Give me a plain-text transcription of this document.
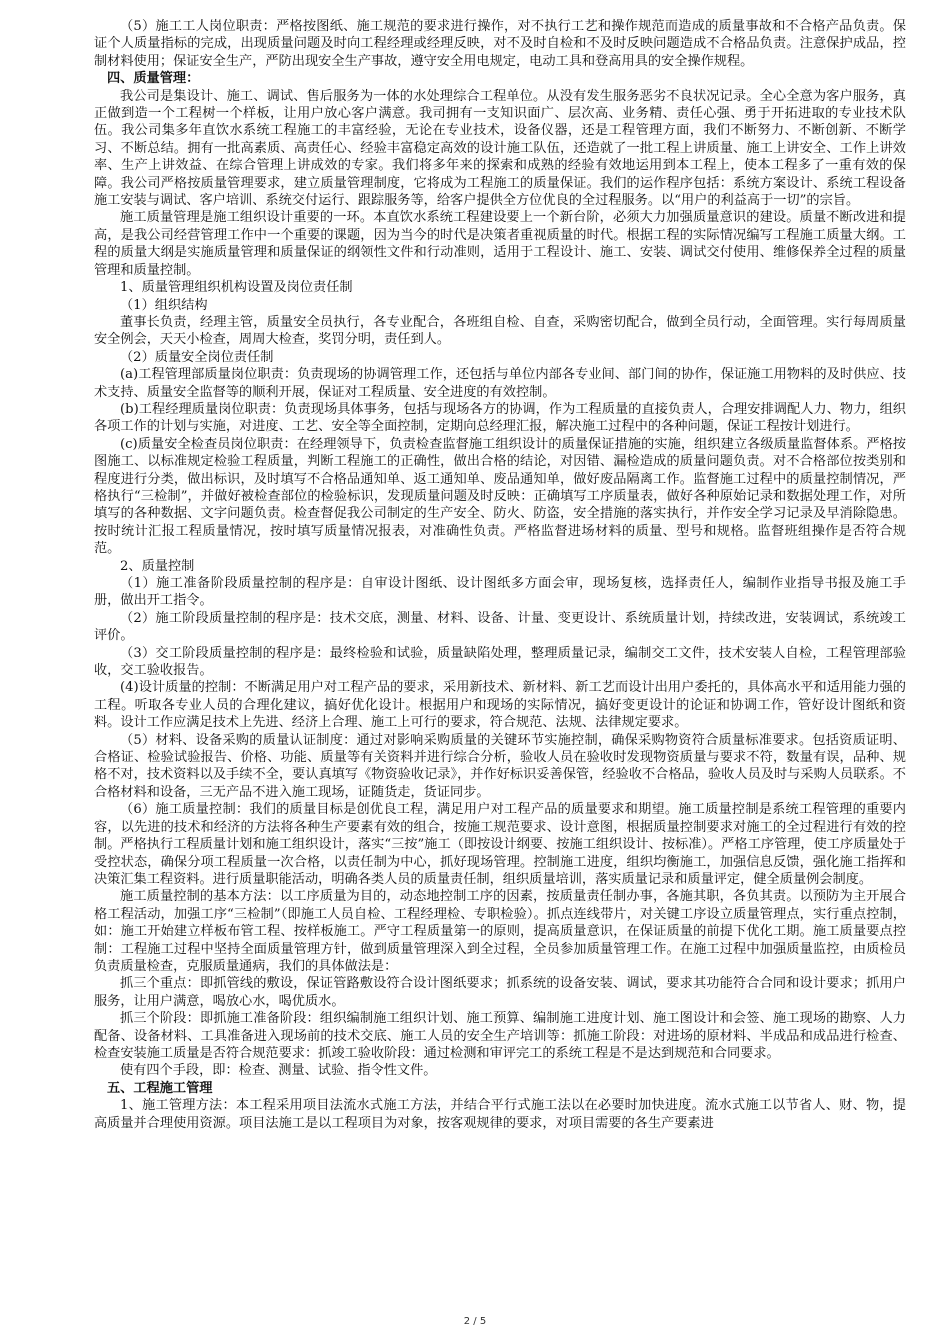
（5）施工工人岗位职责：严格按图纸、施工规范的要求进行操作，对不执行工艺和操作规范而造成的质量事故和不合格产品负责。保证个人质量指标的完成，出现质量问题及时向工程经理或经理反映，对不及时自检和不及时反映问题造成不合格品负责。注意保护成品，控制材料使用；保证安全生产，严防出现安全生产事故，遵守安全用电规定，电动工具和登高用具的安全操作规程。

四、质量管理：

我公司是集设计、施工、调试、售后服务为一体的水处理综合工程单位。从没有发生服务恶劣不良状况记录。全心全意为客户服务，真正做到造一个工程树一个样板，让用户放心客户满意。我司拥有一支知识面广、层次高、业务精、责任心强、勇于开拓进取的专业技术队伍。我公司集多年直饮水系统工程施工的丰富经验，无论在专业技术，设备仪器，还是工程管理方面，我们不断努力、不断创新、不断学习、不断总结。拥有一批高素质、高责任心、经验丰富稳定高效的设计施工队伍，还造就了一批工程上讲质量、施工上讲安全、工作上讲效率、生产上讲效益、在综合管理上讲成效的专家。我们将多年来的探索和成熟的经验有效地运用到本工程上，使本工程多了一重有效的保障。我公司严格按质量管理要求，建立质量管理制度，它将成为工程施工的质量保证。我们的运作程序包括：系统方案设计、系统工程设备施工安装与调试、客户培训、系统交付运行、跟踪服务等，给客户提供全方位优良的全过程服务。以“用户的利益高于一切”的宗旨。

施工质量管理是施工组织设计重要的一环。本直饮水系统工程建设要上一个新台阶，必须大力加强质量意识的建设。质量不断改进和提高，是我公司经营管理工作中一个重要的课题，因为当今的时代是决策者重视质量的时代。根据工程的实际情况编写工程施工质量大纲。工程的质量大纲是实施质量管理和质量保证的纲领性文件和行动准则，适用于工程设计、施工、安装、调试交付使用、维修保养全过程的质量管理和质量控制。

1、质量管理组织机构设置及岗位责任制

（1）组织结构

董事长负责，经理主管，质量安全员执行，各专业配合，各班组自检、自查，采购密切配合，做到全员行动，全面管理。实行每周质量安全例会，天天小检查，周周大检查，奖罚分明，责任到人。

（2）质量安全岗位责任制

(a)工程管理部质量岗位职责：负责现场的协调管理工作，还包括与单位内部各专业间、部门间的协作，保证施工用物料的及时供应、技术支持、质量安全监督等的顺利开展，保证对工程质量、安全进度的有效控制。

(b)工程经理质量岗位职责：负责现场具体事务，包括与现场各方的协调，作为工程质量的直接负责人，合理安排调配人力、物力，组织各项工作的计划与实施，对进度、工艺、安全等全面控制，定期向总经理汇报，解决施工过程中的各种问题，保证工程按计划进行。

(c)质量安全检查员岗位职责：在经理领导下，负责检查监督施工组织设计的质量保证措施的实施，组织建立各级质量监督体系。严格按图施工、以标准规定检验工程质量，判断工程施工的正确性，做出合格的结论，对因错、漏检造成的质量问题负责。对不合格部位按类别和程度进行分类，做出标识，及时填写不合格品通知单、返工通知单、废品通知单，做好废品隔离工作。监督施工过程中的质量控制情况，严格执行“三检制”，并做好被检查部位的检验标识，发现质量问题及时反映：正确填写工序质量表，做好各种原始记录和数据处理工作，对所填写的各种数据、文字问题负责。检查督促我公司制定的生产安全、防火、防盗，安全措施的落实执行，并作安全学习记录及早消除隐患。按时统计汇报工程质量情况，按时填写质量情况报表，对准确性负责。严格监督进场材料的质量、型号和规格。监督班组操作是否符合规范。

2、质量控制

（1）施工准备阶段质量控制的程序是：自审设计图纸、设计图纸多方面会审，现场复核，选择责任人，编制作业指导书报及施工手册，做出开工指令。

（2）施工阶段质量控制的程序是：技术交底，测量、材料、设备、计量、变更设计、系统质量计划，持续改进，安装调试，系统竣工评价。

（3）交工阶段质量控制的程序是：最终检验和试验，质量缺陷处理，整理质量记录，编制交工文件，技术安装人自检，工程管理部验收，交工验收报告。

(4)设计质量的控制：不断满足用户对工程产品的要求，采用新技术、新材料、新工艺而设计出用户委托的，具体高水平和适用能力强的工程。听取各专业人员的合理化建议，搞好优化设计。根据用户和现场的实际情况，搞好变更设计的论证和协调工作，管好设计图纸和资料。设计工作应满足技术上先进、经济上合理、施工上可行的要求，符合规范、法规、法律规定要求。

（5）材料、设备采购的质量认证制度：通过对影响采购质量的关键环节实施控制，确保采购物资符合质量标准要求。包括资质证明、合格证、检验试验报告、价格、功能、质量等有关资料并进行综合分析，验收人员在验收时发现物资质量与要求不符，数量有误，品种、规格不对，技术资料以及手续不全，要认真填写《物资验收记录》，并作好标识妥善保管，经验收不合格品，验收人员及时与采购人员联系。不合格材料和设备，三无产品不进入施工现场，证随货走，货证同步。

（6）施工质量控制：我们的质量目标是创优良工程，满足用户对工程产品的质量要求和期望。施工质量控制是系统工程管理的重要内容，以先进的技术和经济的方法将各种生产要素有效的组合，按施工规范要求、设计意图，根据质量控制要求对施工的全过程进行有效的控制。严格执行工程质量计划和施工组织设计，落实“三按”施工（即按设计纲要、按施工组织设计、按标准）。严格工序管理，使工序质量处于受控状态，确保分项工程质量一次合格，以责任制为中心，抓好现场管理。控制施工进度，组织均衡施工，加强信息反馈，强化施工指挥和决策汇集工程资料。进行质量职能活动，明确各类人员的质量责任制，组织质量培训，落实质量记录和质量评定，健全质量例会制度。

施工质量控制的基本方法：以工序质量为目的，动态地控制工序的因素，按质量责任制办事，各施其职，各负其责。以预防为主开展合格工程活动，加强工序“三检制”（即施工人员自检、工程经理检、专职检验）。抓点连线带片，对关键工序设立质量管理点，实行重点控制，如：施工开始建立样板布管工程、按样板施工。严守工程质量第一的原则，提高质量意识，在保证质量的前提下优化工期。施工质量要点控制：工程施工过程中坚持全面质量管理方针，做到质量管理深入到全过程，全员参加质量管理工作。在施工过程中加强质量监控，由质检员负责质量检查，克服质量通病，我们的具体做法是：

抓三个重点：即抓管线的敷设，保证管路敷设符合设计图纸要求；抓系统的设备安装、调试，要求其功能符合合同和设计要求；抓用户服务，让用户满意，喝放心水，喝优质水。

抓三个阶段：即抓施工准备阶段：组织编制施工组织计划、施工预算、编制施工进度计划、施工图设计和会签、施工现场的勘察、人力配备、设备材料、工具准备进入现场前的技术交底、施工人员的安全生产培训等：抓施工阶段：对进场的原材料、半成品和成品进行检查、检查安装施工质量是否符合规范要求：抓竣工验收阶段：通过检测和审评完工的系统工程是不是达到规范和合同要求。

使有四个手段，即：检查、测量、试验、指令性文件。

五、工程施工管理

1、施工管理方法：本工程采用项目法流水式施工方法，并结合平行式施工法以在必要时加快进度。流水式施工以节省人、财、物，提高质量并合理使用资源。项目法施工是以工程项目为对象，按客观规律的要求，对项目需要的各生产要素进

2 / 5
